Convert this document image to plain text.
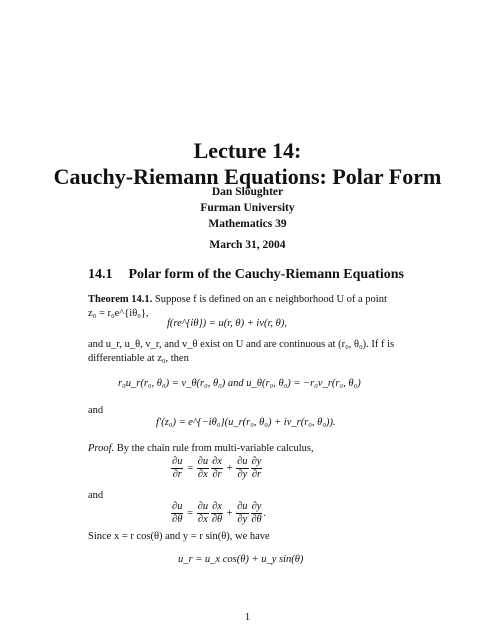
Lecture 14:
Cauchy-Riemann Equations: Polar Form
Dan Sloughter
Furman University
Mathematics 39
March 31, 2004
14.1 Polar form of the Cauchy-Riemann Equations
Theorem 14.1. Suppose f is defined on an ϵ neighborhood U of a point
z₀ = r₀e^{iθ₀},
f(re^{iθ}) = u(r, θ) + iv(r, θ),
and u_r, u_θ, v_r, and v_θ exist on U and are continuous at (r₀, θ₀). If f is
differentiable at z₀, then
r₀u_r(r₀, θ₀) = v_θ(r₀, θ₀) and u_θ(r₀, θ₀) = −r₀v_r(r₀, θ₀)
and
f′(z₀) = e^{−iθ₀}(u_r(r₀, θ₀) + iv_r(r₀, θ₀)).
Proof. By the chain rule from multi-variable calculus,
$\frac{\partial u}{\partial r} = \frac{\partial u}{\partial x} \frac{\partial x}{\partial r} + \frac{\partial u}{\partial y} \frac{\partial y}{\partial r}$
and
$\frac{\partial u}{\partial\theta} = \frac{\partial u}{\partial x} \frac{\partial x}{\partial\theta} + \frac{\partial u}{\partial y} \frac{\partial y}{\partial\theta}$ .
Since x = r cos(θ) and y = r sin(θ), we have
u_r = u_x cos(θ) + u_y sin(θ)
1
